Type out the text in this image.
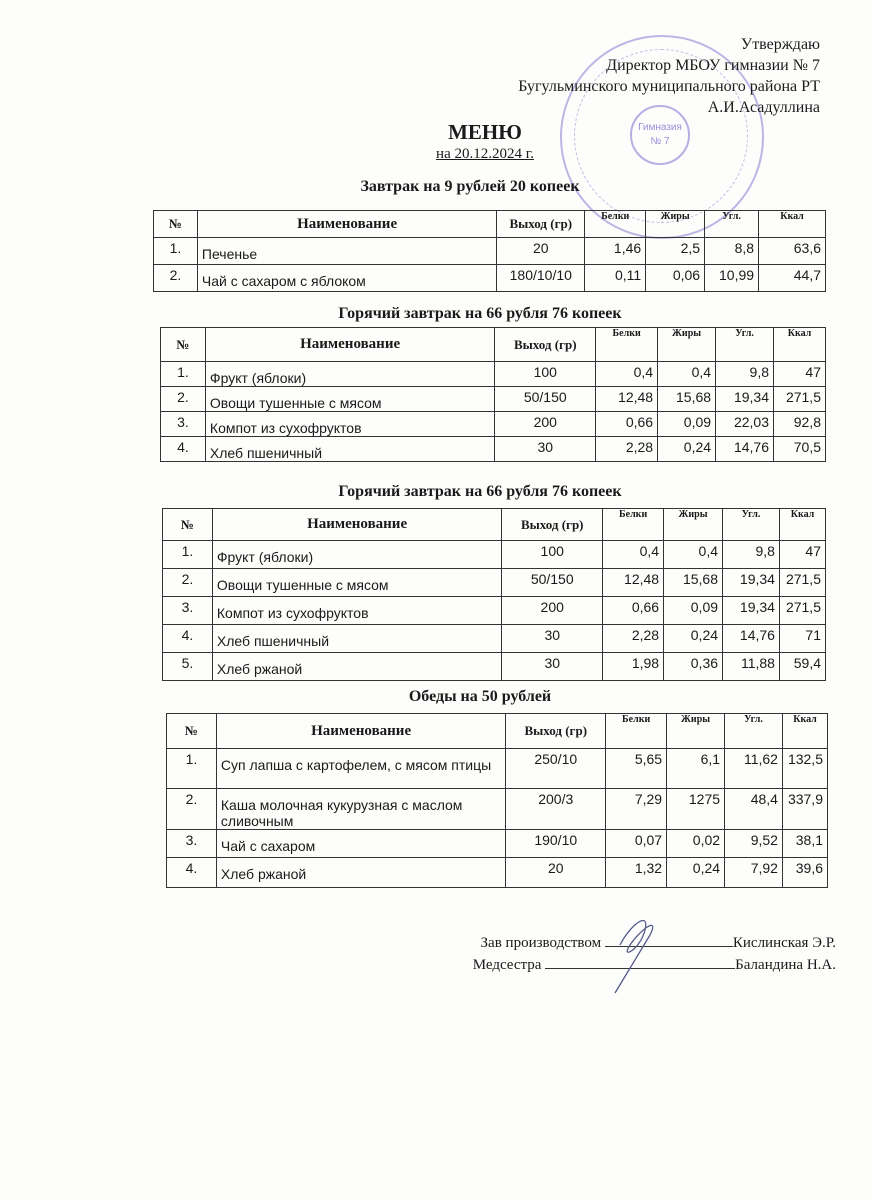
Гимназия
№ 7
Утверждаю
Директор МБОУ гимназии № 7
Бугульминского муниципального района РТ
А.И.Асадуллина
МЕНЮ
на 20.12.2024 г.
Завтрак на 9 рублей 20 копеек
№	Наименование	Выход (гр)	Белки	Жиры	Угл.	Ккал
1.	Печенье	20	1,46	2,5	8,8	63,6
2.	Чай с сахаром с яблоком	180/10/10	0,11	0,06	10,99	44,7
Горячий завтрак на 66 рубля 76 копеек
№	Наименование	Выход (гр)	Белки	Жиры	Угл.	Ккал
1.	Фрукт (яблоки)	100	0,4	0,4	9,8	47
2.	Овощи тушенные с мясом	50/150	12,48	15,68	19,34	271,5
3.	Компот из сухофруктов	200	0,66	0,09	22,03	92,8
4.	Хлеб пшеничный	30	2,28	0,24	14,76	70,5
Горячий завтрак на 66 рубля 76 копеек
№	Наименование	Выход (гр)	Белки	Жиры	Угл.	Ккал
1.	Фрукт (яблоки)	100	0,4	0,4	9,8	47
2.	Овощи тушенные с мясом	50/150	12,48	15,68	19,34	271,5
3.	Компот из сухофруктов	200	0,66	0,09	19,34	271,5
4.	Хлеб пшеничный	30	2,28	0,24	14,76	71
5.	Хлеб ржаной	30	1,98	0,36	11,88	59,4
Обеды на 50 рублей
№	Наименование	Выход (гр)	Белки	Жиры	Угл.	Ккал
1.	Суп лапша с картофелем, с мясом птицы	250/10	5,65	6,1	11,62	132,5
2.	Каша молочная кукурузная с маслом сливочным	200/3	7,29	1275	48,4	337,9
3.	Чай с сахаром	190/10	0,07	0,02	9,52	38,1
4.	Хлеб ржаной	20	1,32	0,24	7,92	39,6
Зав производством	Кислинская Э.Р.
Медсестра	Баландина Н.А.
